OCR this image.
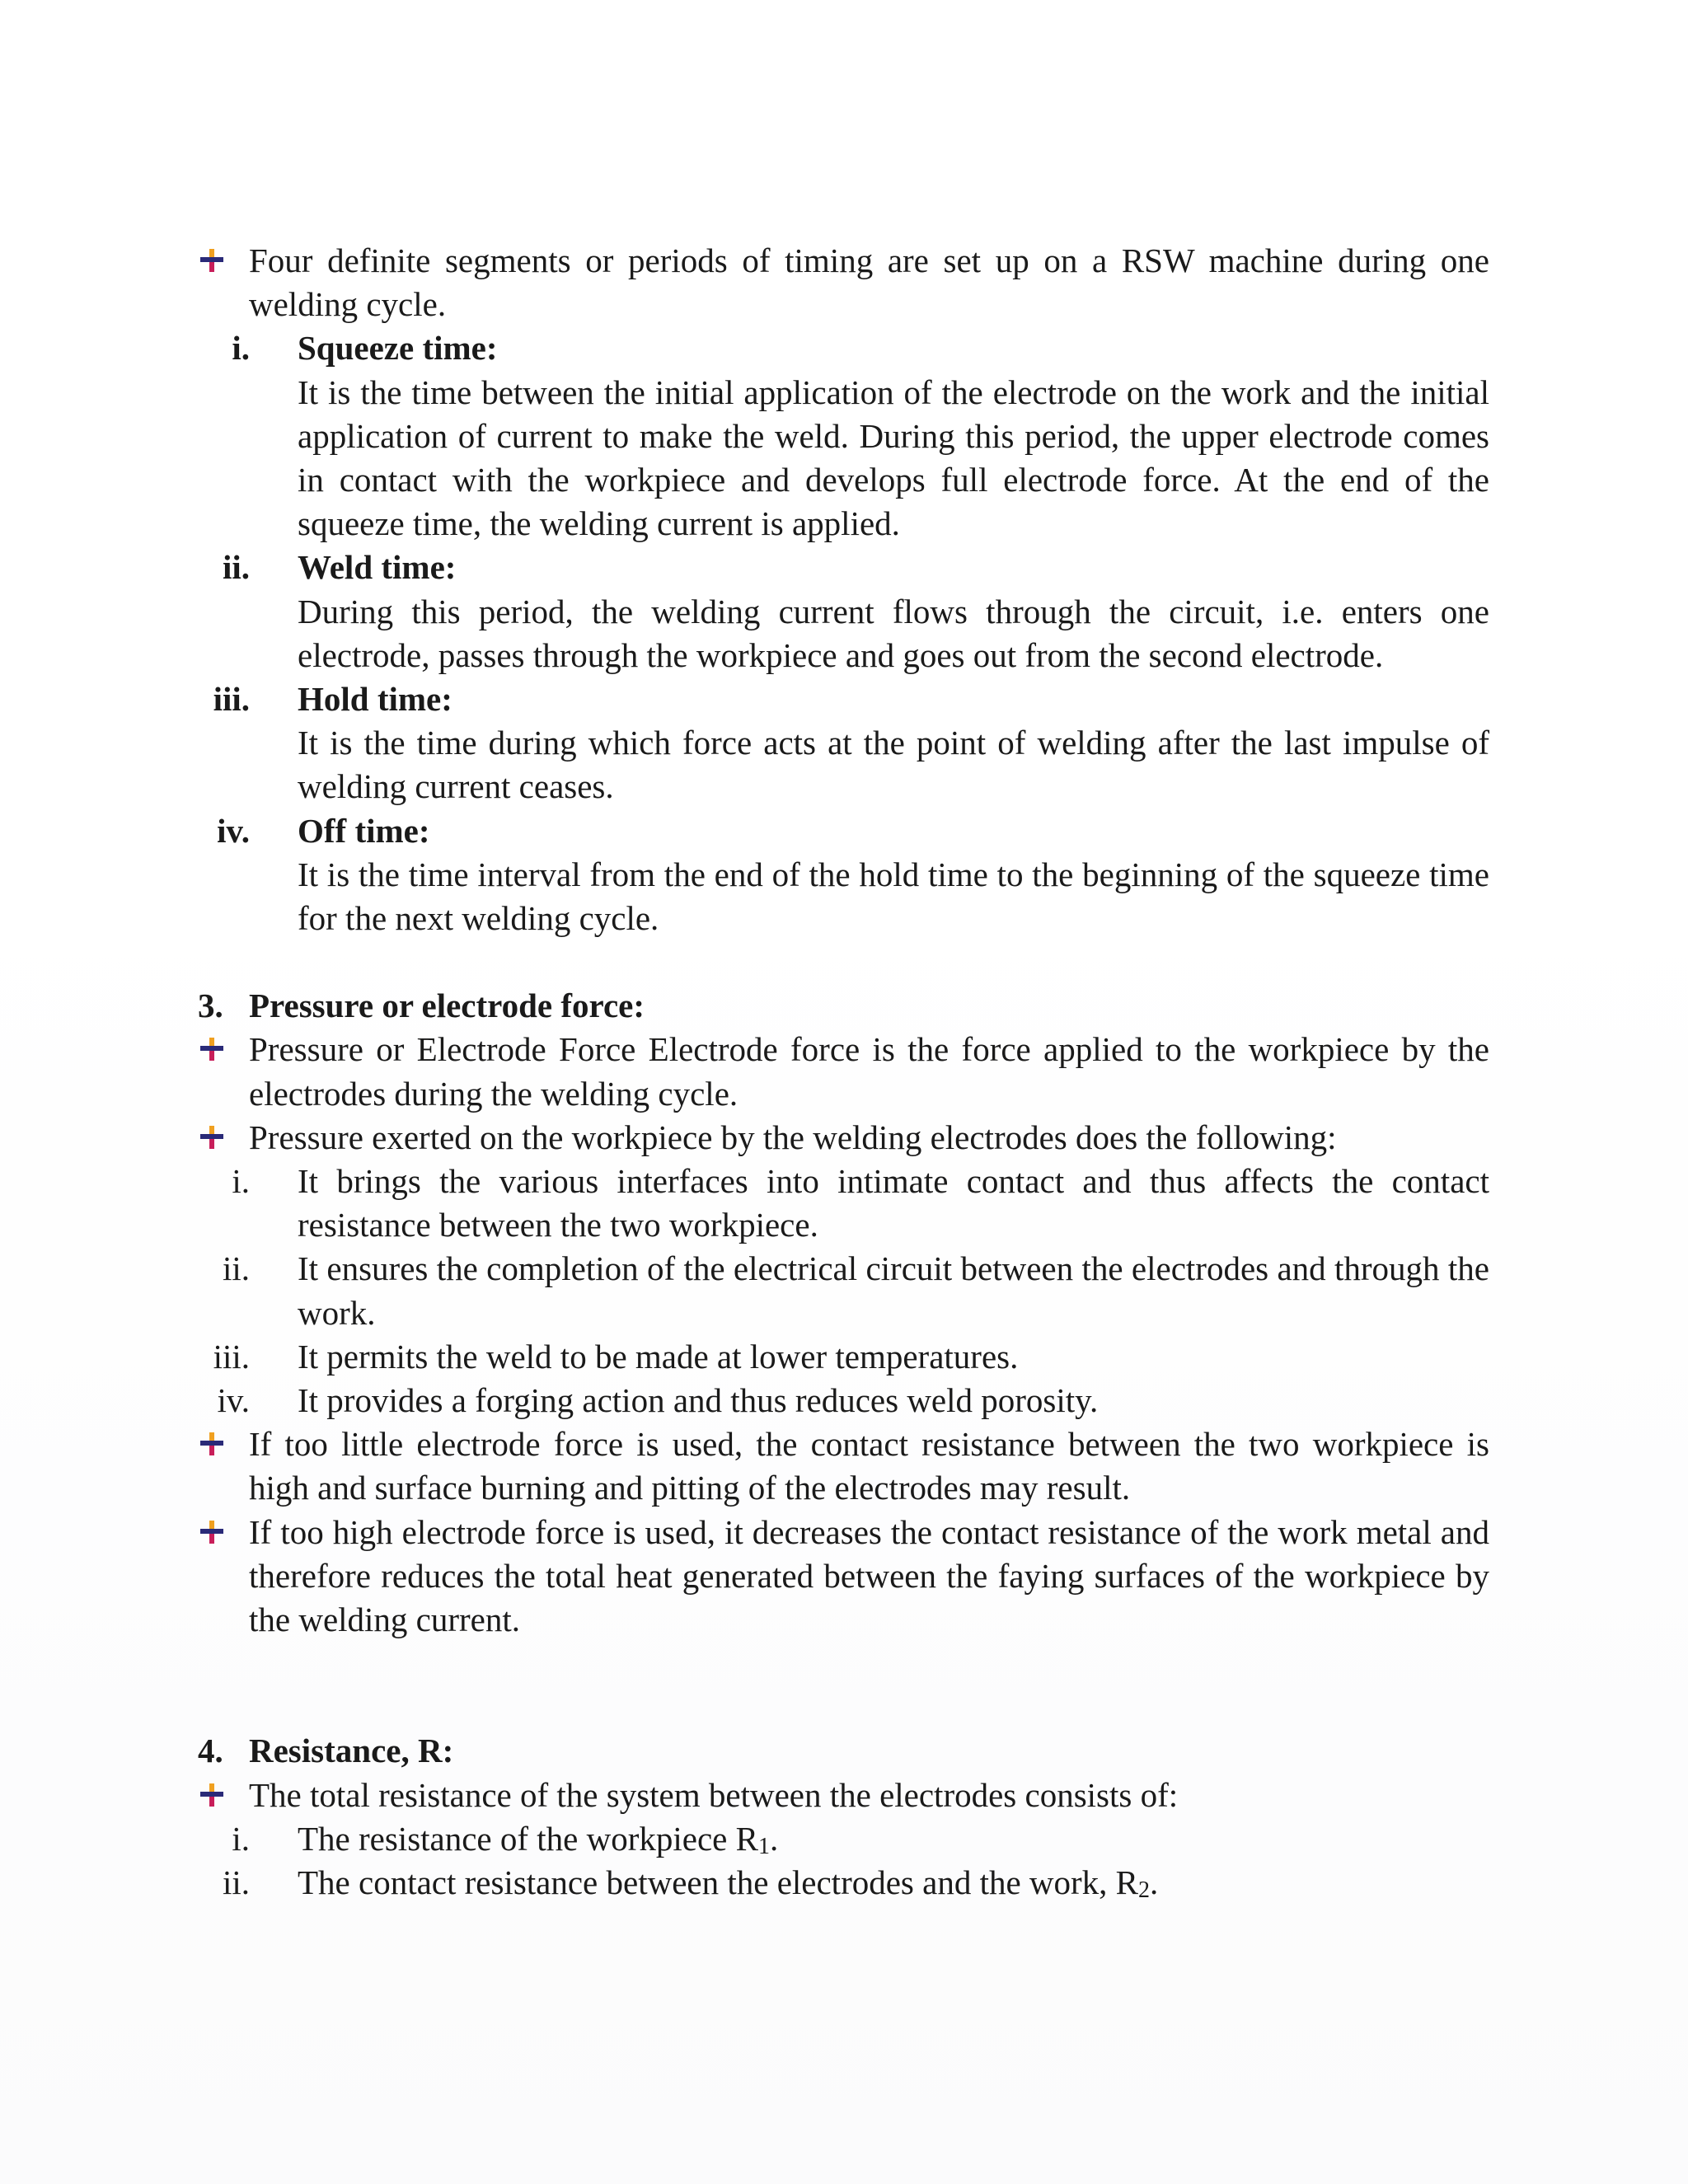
Four definite segments or periods of timing are set up on a RSW machine during one welding cycle.
i. Squeeze time:
It is the time between the initial application of the electrode on the work and the initial application of current to make the weld. During this period, the upper electrode comes in contact with the workpiece and develops full electrode force. At the end of the squeeze time, the welding current is applied.
ii. Weld time:
During this period, the welding current flows through the circuit, i.e. enters one electrode, passes through the workpiece and goes out from the second electrode.
iii. Hold time:
It is the time during which force acts at the point of welding after the last impulse of welding current ceases.
iv. Off time:
It is the time interval from the end of the hold time to the beginning of the squeeze time for the next welding cycle.
3. Pressure or electrode force:
Pressure or Electrode Force Electrode force is the force applied to the workpiece by the electrodes during the welding cycle.
Pressure exerted on the workpiece by the welding electrodes does the following:
i. It brings the various interfaces into intimate contact and thus affects the contact resistance between the two workpiece.
ii. It ensures the completion of the electrical circuit between the electrodes and through the work.
iii. It permits the weld to be made at lower temperatures.
iv. It provides a forging action and thus reduces weld porosity.
If too little electrode force is used, the contact resistance between the two workpiece is high and surface burning and pitting of the electrodes may result.
If too high electrode force is used, it decreases the contact resistance of the work metal and therefore reduces the total heat generated between the faying surfaces of the workpiece by the welding current.
4. Resistance, R:
The total resistance of the system between the electrodes consists of:
i. The resistance of the workpiece $R_1$.
ii. The contact resistance between the electrodes and the work, $R_2$.
